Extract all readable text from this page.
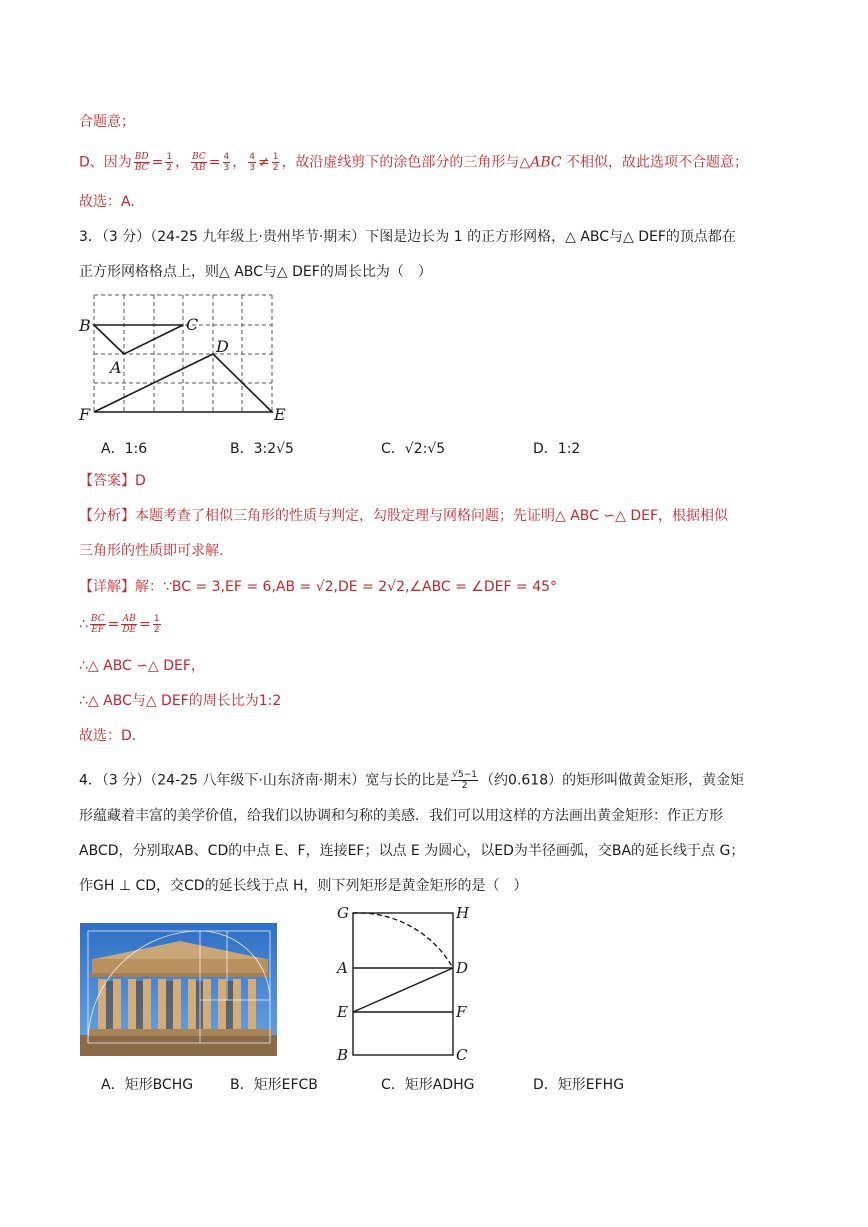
合题意；
D、因为 $\frac{BD}{BC} = \frac{1}{2}$ ， $\frac{BC}{AB} = \frac{4}{3}$ ， $\frac{4}{3} \ne \frac{1}{2}$ ，故沿虚线剪下的涂色部分的三角形与△ABC 不相似，故此选项不合题意；
故选：A.
3．（3 分）（24-25 九年级上·贵州毕节·期末）下图是边长为 1 的正方形网格，△ ABC与△ DEF的顶点都在
正方形网格格点上，则△ ABC与△ DEF的周长比为（　）
B	C
A
D
F	E
A．1:6	B．3:2√5	C．√2:√5	D．1:2
【答案】D
【分析】本题考查了相似三角形的性质与判定，勾股定理与网格问题；先证明△ ABC ∽△ DEF，根据相似
三角形的性质即可求解.
【详解】解：∵BC = 3,EF = 6,AB = √2,DE = 2√2,∠ABC = ∠DEF = 45°
∴ $\frac{BC}{EF} = \frac{AB}{DE} = \frac{1}{2}$
∴△ ABC ∽△ DEF，
∴△ ABC与△ DEF的周长比为1:2
故选：D.
4．（3 分）（24-25 八年级下·山东济南·期末）宽与长的比是 $\frac{√5-1}{2}$ （约0.618）的矩形叫做黄金矩形，黄金矩
形蕴藏着丰富的美学价值，给我们以协调和匀称的美感．我们可以用这样的方法画出黄金矩形：作正方形
ABCD，分别取AB、CD的中点 E、F，连接EF；以点 E 为圆心，以ED为半径画弧，交BA的延长线于点 G；
作GH ⊥ CD，交CD的延长线于点 H，则下列矩形是黄金矩形的是（　）
G	H
A	D
E	F
B	C
A．矩形BCHG	B．矩形EFCB	C．矩形ADHG	D．矩形EFHG
